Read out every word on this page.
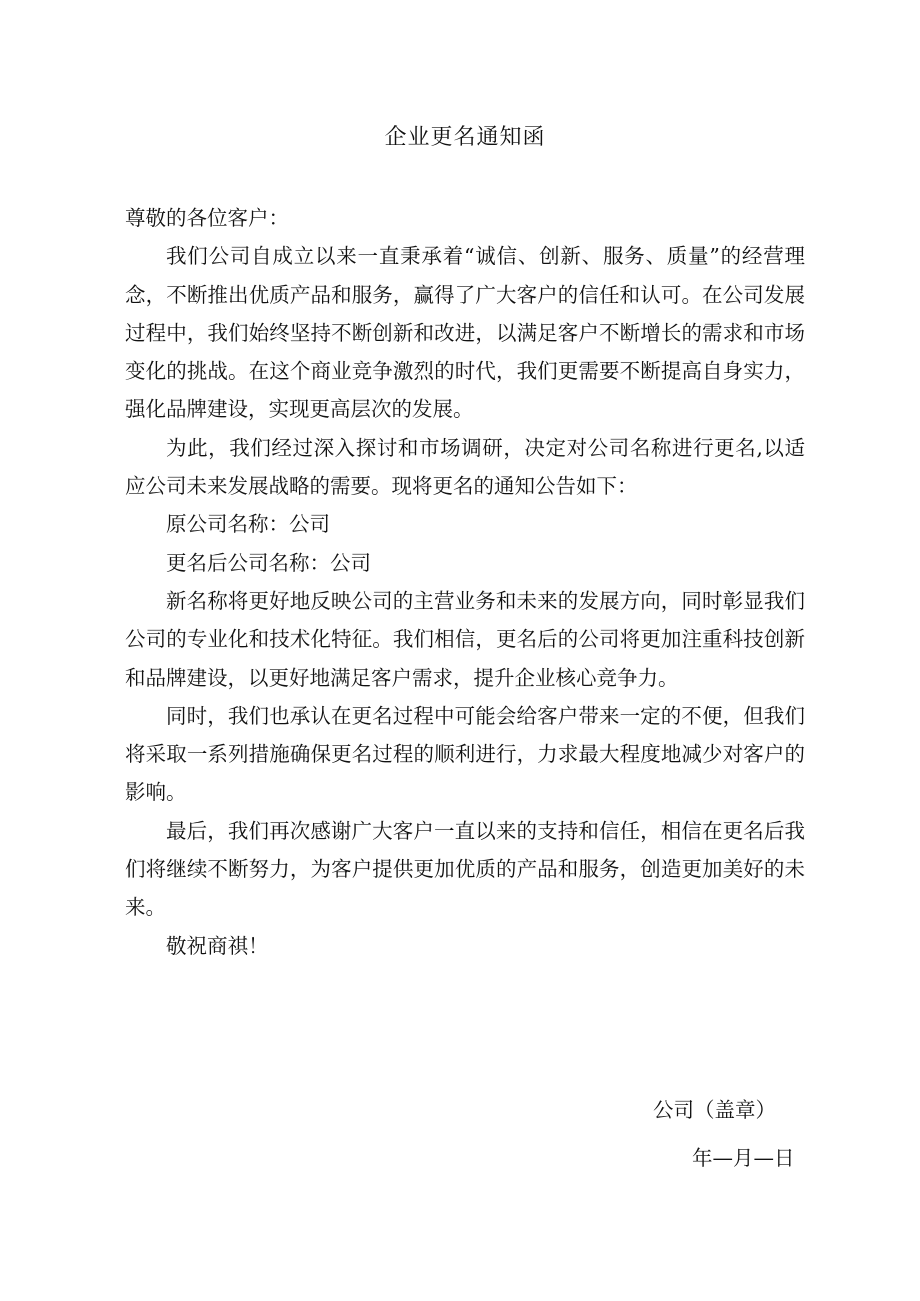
企业更名通知函

尊敬的各位客户：

我们公司自成立以来一直秉承着“诚信、创新、服务、质量”的经营理念，不断推出优质产品和服务，赢得了广大客户的信任和认可。在公司发展过程中，我们始终坚持不断创新和改进，以满足客户不断增长的需求和市场变化的挑战。在这个商业竞争激烈的时代，我们更需要不断提高自身实力，强化品牌建设，实现更高层次的发展。

为此，我们经过深入探讨和市场调研，决定对公司名称进行更名,以适应公司未来发展战略的需要。现将更名的通知公告如下：

原公司名称：公司

更名后公司名称：公司

新名称将更好地反映公司的主营业务和未来的发展方向，同时彰显我们公司的专业化和技术化特征。我们相信，更名后的公司将更加注重科技创新和品牌建设，以更好地满足客户需求，提升企业核心竞争力。

同时，我们也承认在更名过程中可能会给客户带来一定的不便，但我们将采取一系列措施确保更名过程的顺利进行，力求最大程度地减少对客户的影响。

最后，我们再次感谢广大客户一直以来的支持和信任，相信在更名后我们将继续不断努力，为客户提供更加优质的产品和服务，创造更加美好的未来。

敬祝商祺！

公司（盖章）
年—月—日
